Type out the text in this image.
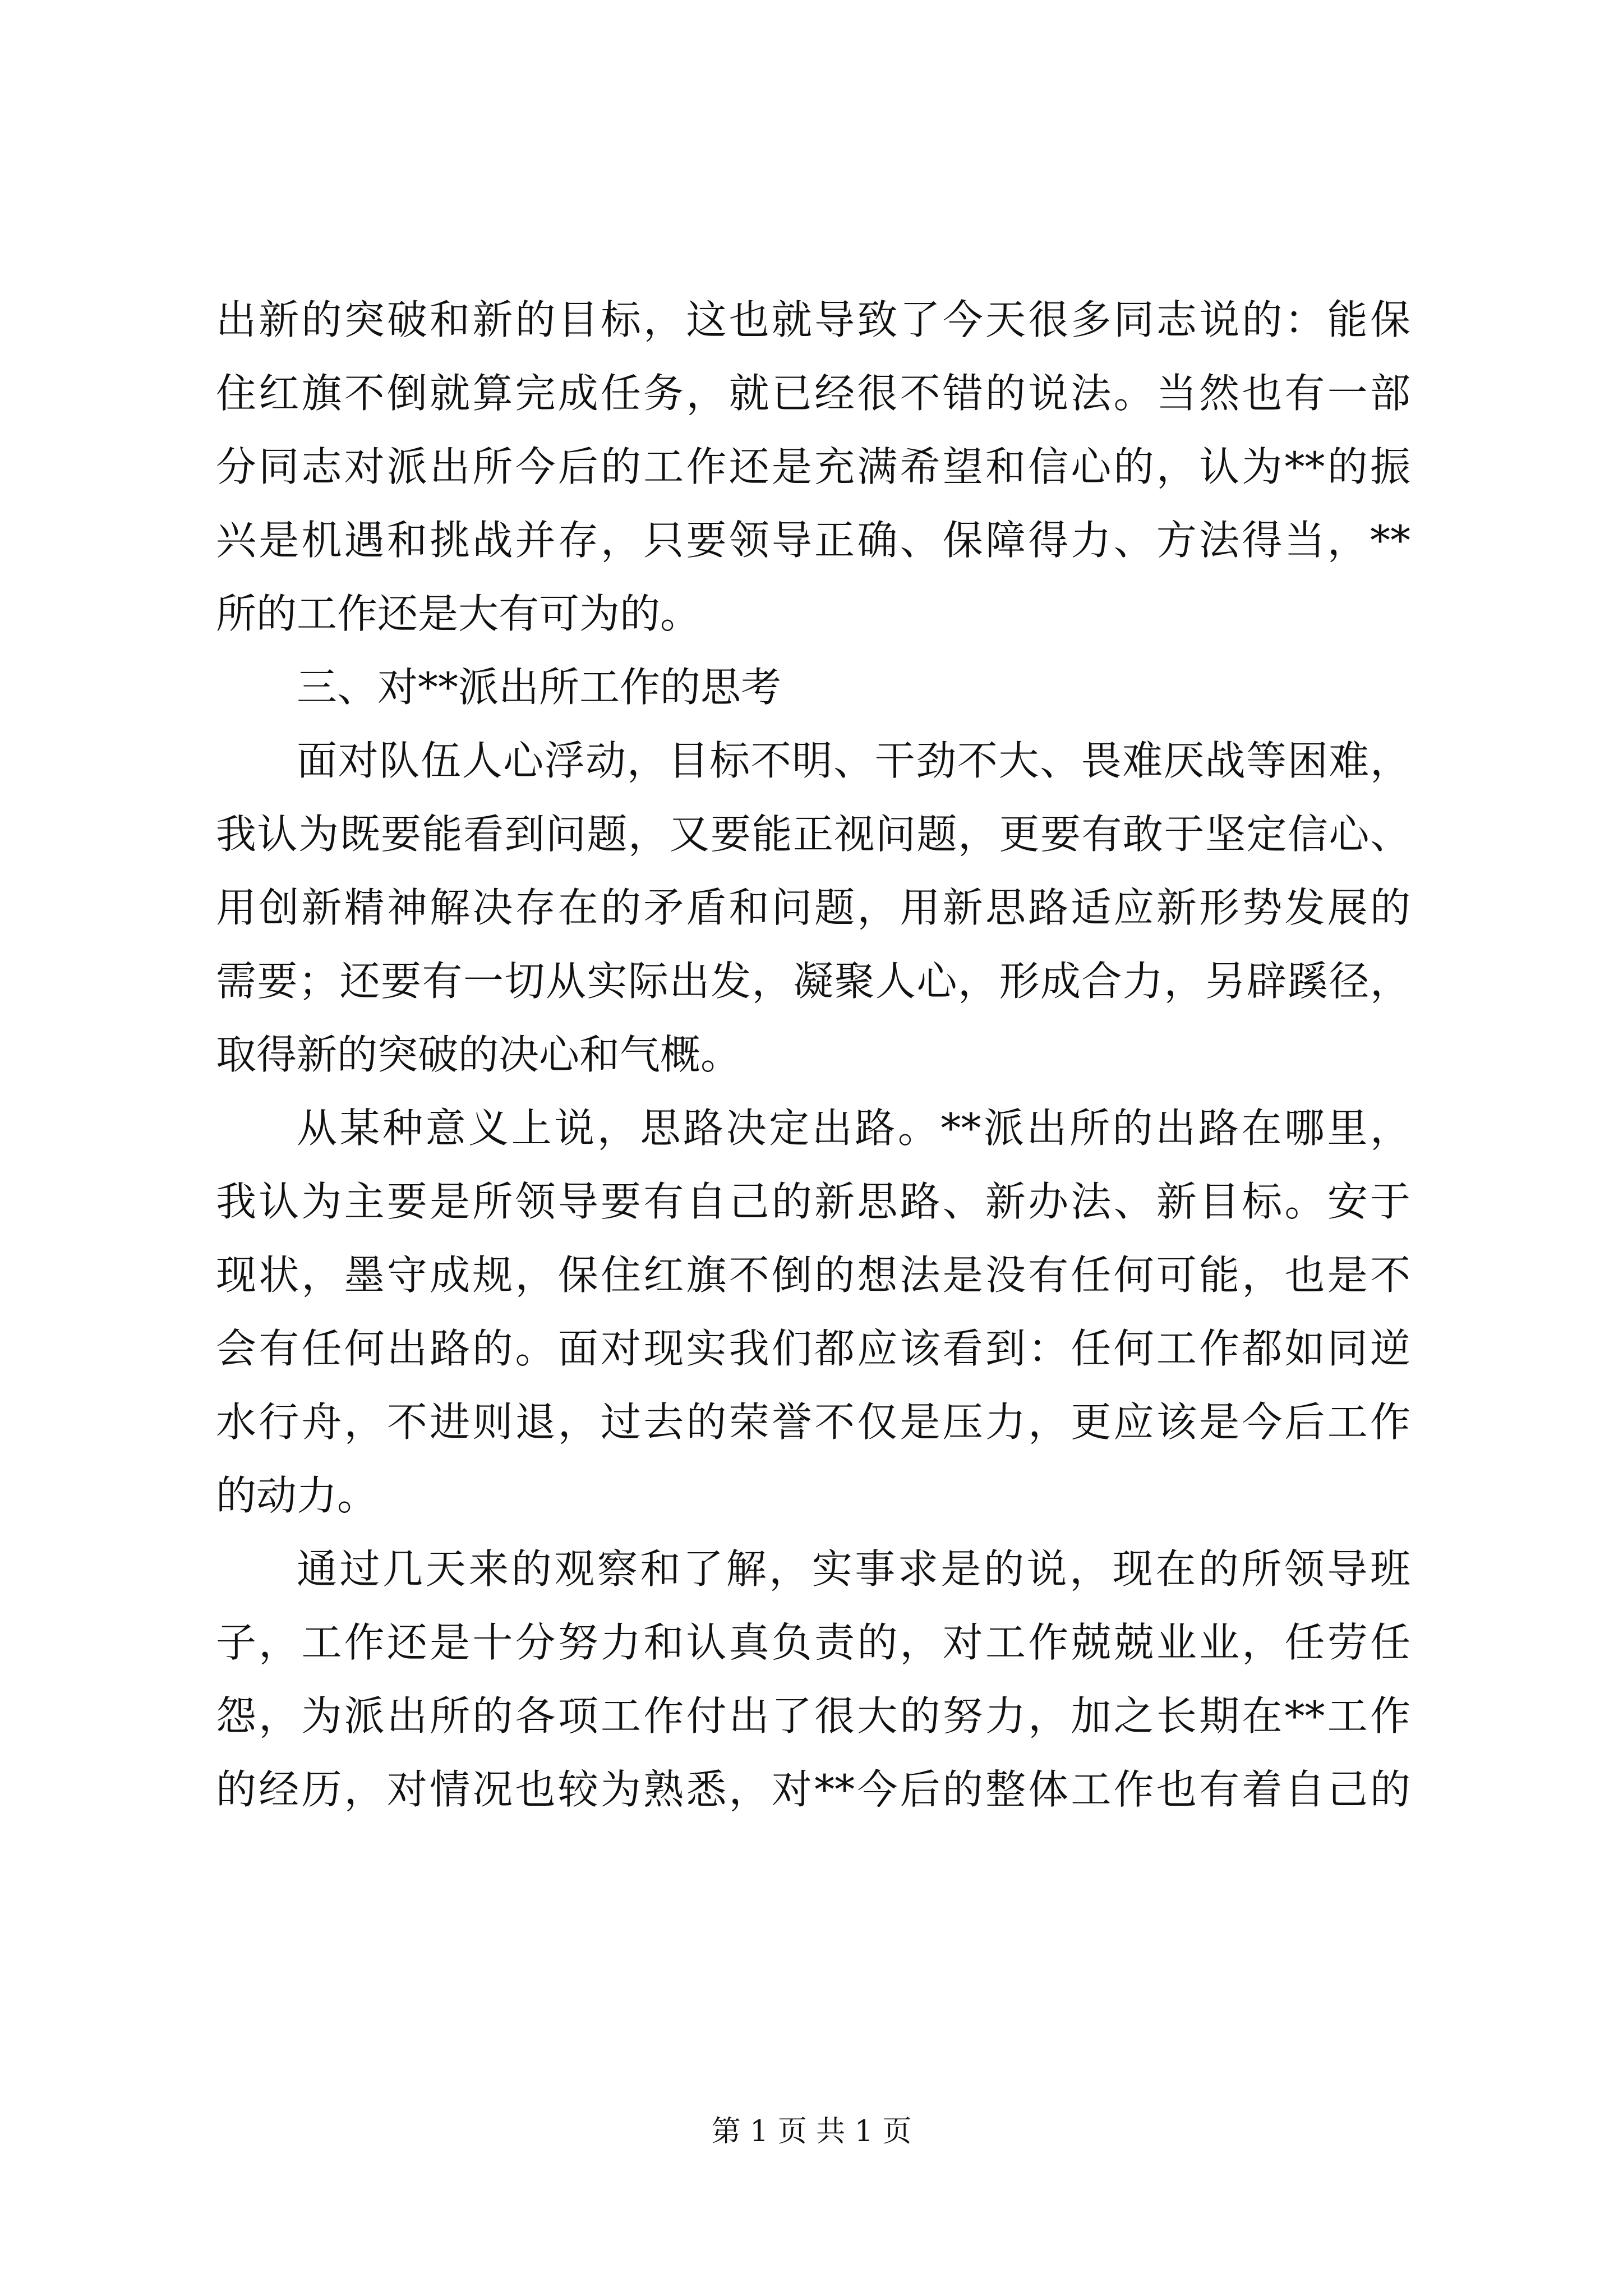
出新的突破和新的目标，这也就导致了今天很多同志说的：能保
住红旗不倒就算完成任务，就已经很不错的说法。当然也有一部
分同志对派出所今后的工作还是充满希望和信心的，认为**的振
兴是机遇和挑战并存，只要领导正确、保障得力、方法得当，**
所的工作还是大有可为的。
三、对**派出所工作的思考
面对队伍人心浮动，目标不明、干劲不大、畏难厌战等困难，
我认为既要能看到问题，又要能正视问题，更要有敢于坚定信心、
用创新精神解决存在的矛盾和问题，用新思路适应新形势发展的
需要；还要有一切从实际出发，凝聚人心，形成合力，另辟蹊径，
取得新的突破的决心和气概。
从某种意义上说，思路决定出路。**派出所的出路在哪里，
我认为主要是所领导要有自己的新思路、新办法、新目标。安于
现状，墨守成规，保住红旗不倒的想法是没有任何可能，也是不
会有任何出路的。面对现实我们都应该看到：任何工作都如同逆
水行舟，不进则退，过去的荣誉不仅是压力，更应该是今后工作
的动力。
通过几天来的观察和了解，实事求是的说，现在的所领导班
子，工作还是十分努力和认真负责的，对工作兢兢业业，任劳任
怨，为派出所的各项工作付出了很大的努力，加之长期在**工作
的经历，对情况也较为熟悉，对**今后的整体工作也有着自己的
第 1 页 共 1 页
